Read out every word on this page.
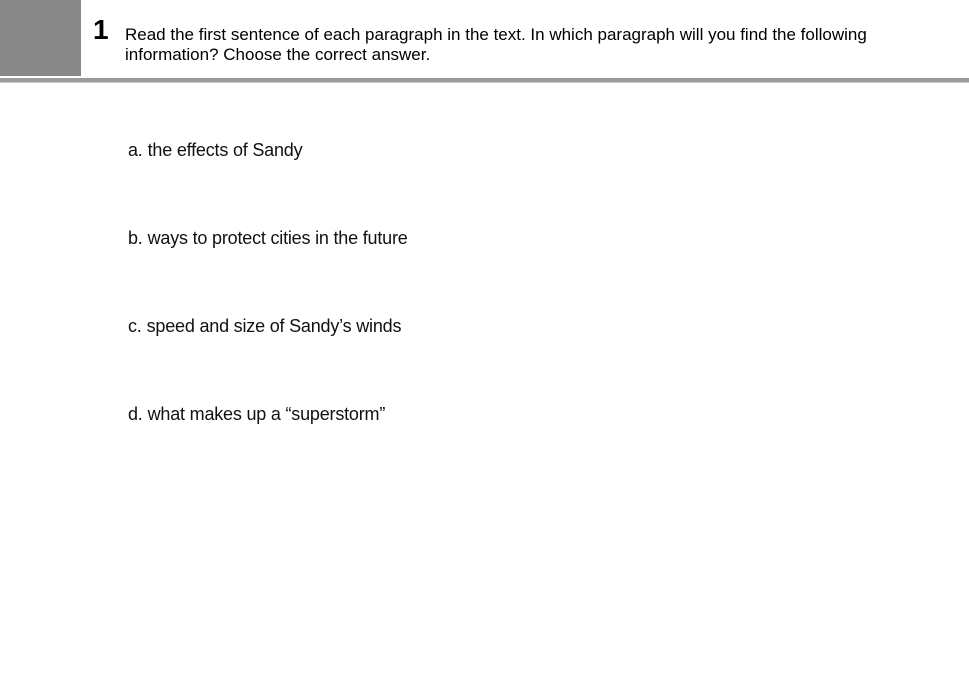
1 Read the first sentence of each paragraph in the text. In which paragraph will you find the following information? Choose the correct answer.
a. the effects of Sandy
b. ways to protect cities in the future
c. speed and size of Sandy’s winds
d. what makes up a “superstorm”
